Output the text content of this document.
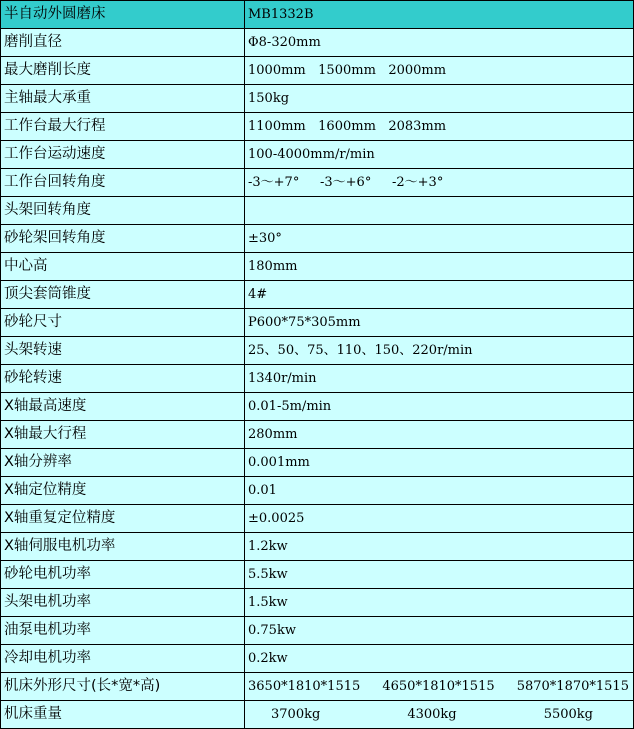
半自动外圆磨床	MB1332B
磨削直径	Φ8-320mm
最大磨削长度	1000mm 1500mm 2000mm
主轴最大承重	150kg
工作台最大行程	1100mm 1600mm 2083mm
工作台运动速度	100-4000mm/r/min
工作台回转角度	-3～+7° -3～+6° -2～+3°
头架回转角度	
砂轮架回转角度	±30°
中心高	180mm
顶尖套筒锥度	4#
砂轮尺寸	P600*75*305mm
头架转速	25、50、75、110、150、220r/min
砂轮转速	1340r/min
X轴最高速度	0.01-5m/min
X轴最大行程	280mm
X轴分辨率	0.001mm
X轴定位精度	0.01
X轴重复定位精度	±0.0025
X轴伺服电机功率	1.2kw
砂轮电机功率	5.5kw
头架电机功率	1.5kw
油泵电机功率	0.75kw
冷却电机功率	0.2kw
机床外形尺寸(长*宽*高)	3650*1810*1515 4650*1810*1515 5870*1870*1515

机床重量	3700kg 4300kg 5500kg
